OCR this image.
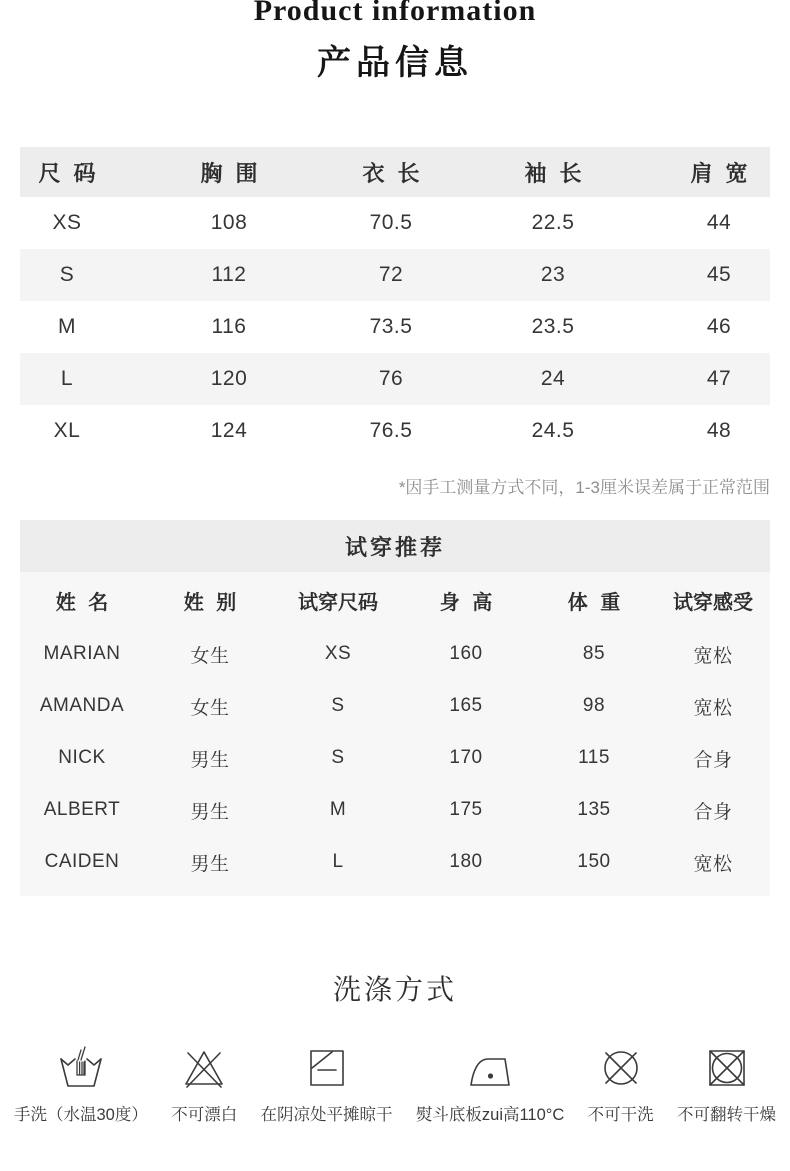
Product information
产品信息
尺 码	胸 围	衣 长	袖 长	肩 宽
XS	108	70.5	22.5	44
S	112	72	23	45
M	116	73.5	23.5	46
L	120	76	24	47
XL	124	76.5	24.5	48
*因手工测量方式不同，1-3厘米误差属于正常范围
试穿推荐
姓 名	姓 别	试穿尺码	身 高	体 重	试穿感受
MARIAN	女生	XS	160	85	宽松
AMANDA	女生	S	165	98	宽松
NICK	男生	S	170	115	合身
ALBERT	男生	M	175	135	合身
CAIDEN	男生	L	180	150	宽松
洗涤方式
手洗（水温30度） 不可漂白 在阴凉处平摊晾干 熨斗底板zui高110°C 不可干洗 不可翻转干燥
